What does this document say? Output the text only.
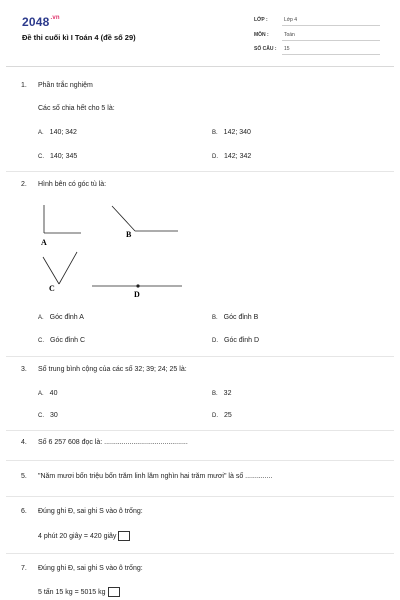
$2048^{.vn}$
Đề thi cuối kì I Toán 4 (đề số 29)
LỚP :	Lớp 4
MÔN :	Toán
SỐ CÂU : 15
1. Phần trắc nghiệm
Các số chia hết cho 5 là:
A. 140; 342	B. 142; 340
C. 140; 345	D. 142; 342
2. Hình bên có góc tù là:
A
B
C
D
A. Góc đỉnh A	B. Góc đỉnh B
C. Góc đỉnh C	D. Góc đỉnh D
3. Số trung bình cộng của các số 32; 39; 24; 25 là:
A. 40	B. 32
C. 30	D. 25
4. Số 6 257 608 đọc là: ...........................................
5. "Năm mươi bốn triệu bốn trăm linh lăm nghìn hai trăm mươi" là số ..............
6. Đúng ghi Đ, sai ghi S vào ô trống:
4 phút 20 giây = 420 giây
7. Đúng ghi Đ, sai ghi S vào ô trống:
5 tấn 15 kg = 5015 kg
